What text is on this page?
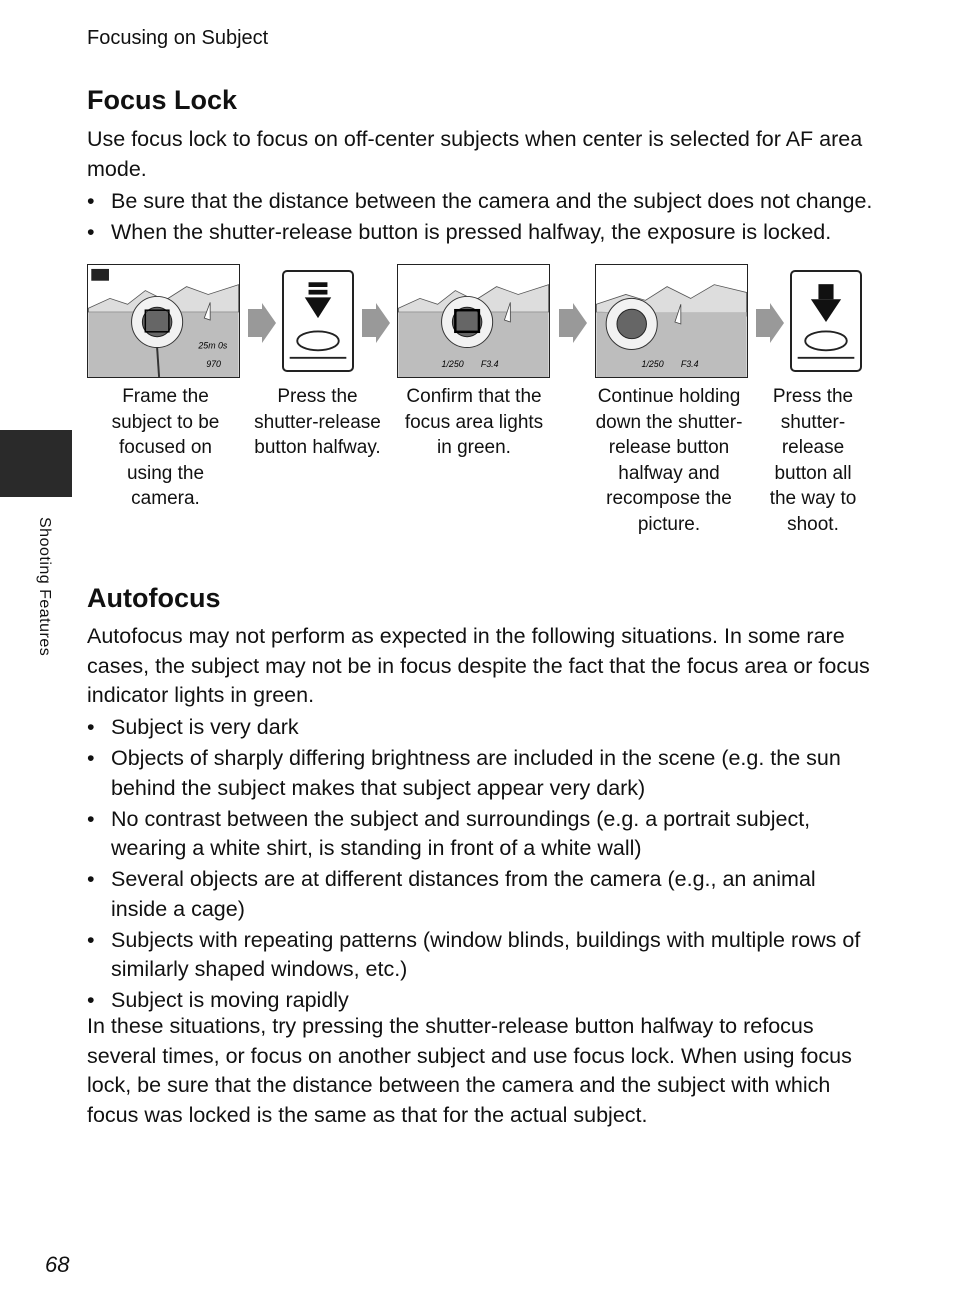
Focusing on Subject
Shooting Features
Focus Lock

Use focus lock to focus on off-center subjects when center is selected for AF area mode.

• Be sure that the distance between the camera and the subject does not change.
• When the shutter-release button is pressed halfway, the exposure is locked.
25m 0s
970	1/250 F3.4	1/250 F3.4
Frame the subject to be focused on using the camera.
Press the shutter-release button halfway.
Confirm that the focus area lights in green.
Continue holding down the shutter-release button halfway and recompose the picture.
Press the shutter-release button all the way to shoot.
Autofocus

Autofocus may not perform as expected in the following situations. In some rare cases, the subject may not be in focus despite the fact that the focus area or focus indicator lights in green.

• Subject is very dark
• Objects of sharply differing brightness are included in the scene (e.g. the sun behind the subject makes that subject appear very dark)
• No contrast between the subject and surroundings (e.g. a portrait subject, wearing a white shirt, is standing in front of a white wall)
• Several objects are at different distances from the camera (e.g., an animal inside a cage)
• Subjects with repeating patterns (window blinds, buildings with multiple rows of similarly shaped windows, etc.)
• Subject is moving rapidly

In these situations, try pressing the shutter-release button halfway to refocus several times, or focus on another subject and use focus lock. When using focus lock, be sure that the distance between the camera and the subject with which focus was locked is the same as that for the actual subject.

68
